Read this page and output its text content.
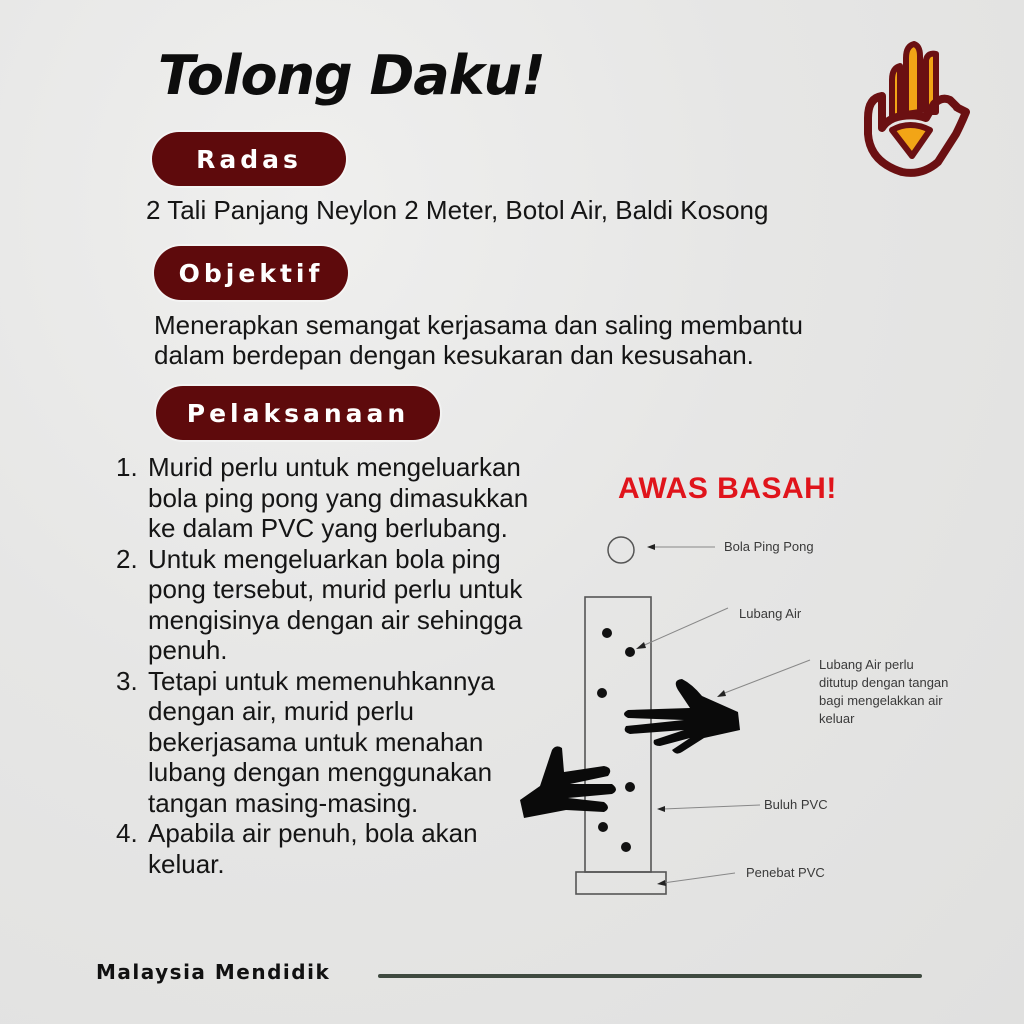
Tolong Daku!
Radas
2 Tali Panjang Neylon 2 Meter, Botol Air, Baldi Kosong
Objektif
Menerapkan semangat kerjasama dan saling membantu
dalam berdepan dengan kesukaran dan kesusahan.
Pelaksanaan
1. Murid perlu untuk mengeluarkan bola ping pong yang dimasukkan ke dalam PVC yang berlubang.
2. Untuk mengeluarkan bola ping pong tersebut, murid perlu untuk mengisinya dengan air sehingga penuh.
3. Tetapi untuk memenuhkannya dengan air, murid perlu bekerjasama untuk menahan lubang dengan menggunakan tangan masing-masing.
4. Apabila air penuh, bola akan keluar.
AWAS BASAH!
Bola Ping Pong
Lubang Air
Lubang Air perlu
ditutup dengan tangan
bagi mengelakkan air
keluar
Buluh PVC
Penebat PVC
Malaysia Mendidik
